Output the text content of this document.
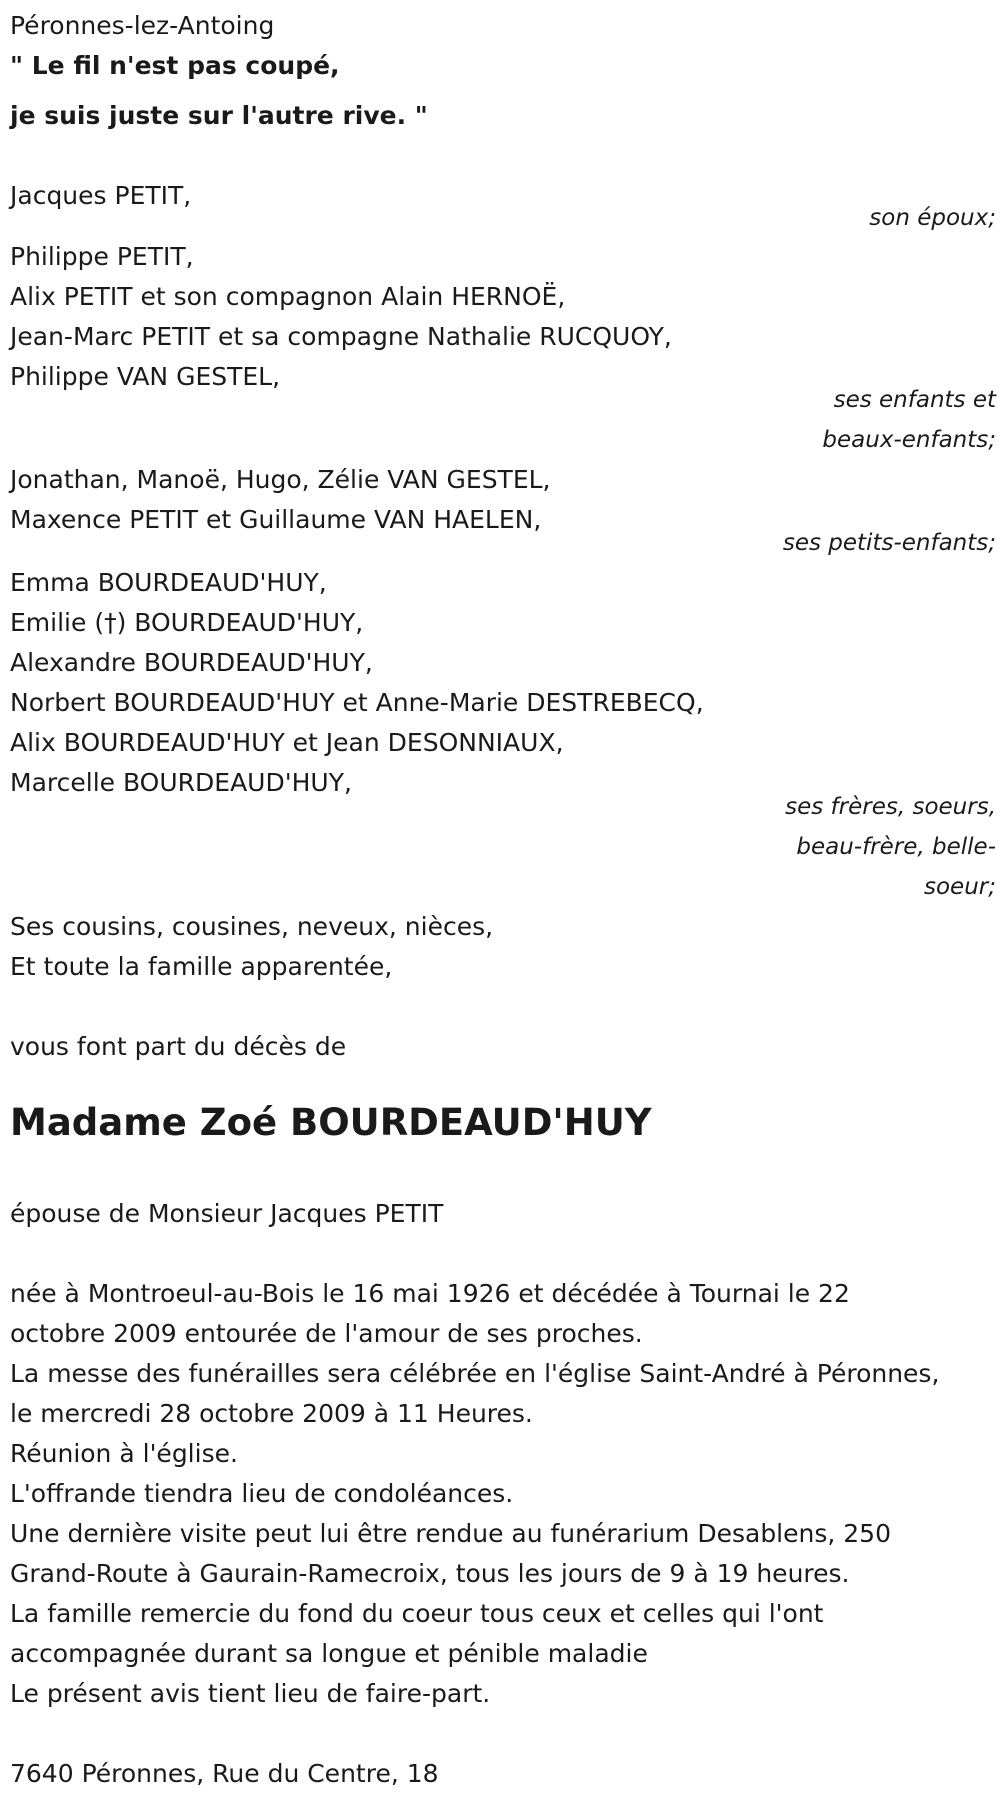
Péronnes-lez-Antoing
" Le fil n'est pas coupé,
je suis juste sur l'autre rive. "
Jacques PETIT,
son époux;
Philippe PETIT,
Alix PETIT et son compagnon Alain HERNOË,
Jean-Marc PETIT et sa compagne Nathalie RUCQUOY,
Philippe VAN GESTEL,
ses enfants et
beaux-enfants;
Jonathan, Manoë, Hugo, Zélie VAN GESTEL,
Maxence PETIT et Guillaume VAN HAELEN,
ses petits-enfants;
Emma BOURDEAUD'HUY,
Emilie (†) BOURDEAUD'HUY,
Alexandre BOURDEAUD'HUY,
Norbert BOURDEAUD'HUY et Anne-Marie DESTREBECQ,
Alix BOURDEAUD'HUY et Jean DESONNIAUX,
Marcelle BOURDEAUD'HUY,
ses frères, soeurs,
beau-frère, belle-
soeur;
Ses cousins, cousines, neveux, nièces,
Et toute la famille apparentée,
vous font part du décès de
Madame Zoé BOURDEAUD'HUY
épouse de Monsieur Jacques PETIT
née à Montroeul-au-Bois le 16 mai 1926 et décédée à Tournai le 22
octobre 2009 entourée de l'amour de ses proches.
La messe des funérailles sera célébrée en l'église Saint-André à Péronnes,
le mercredi 28 octobre 2009 à 11 Heures.
Réunion à l'église.
L'offrande tiendra lieu de condoléances.
Une dernière visite peut lui être rendue au funérarium Desablens, 250
Grand-Route à Gaurain-Ramecroix, tous les jours de 9 à 19 heures.
La famille remercie du fond du coeur tous ceux et celles qui l'ont
accompagnée durant sa longue et pénible maladie
Le présent avis tient lieu de faire-part.
7640 Péronnes, Rue du Centre, 18
